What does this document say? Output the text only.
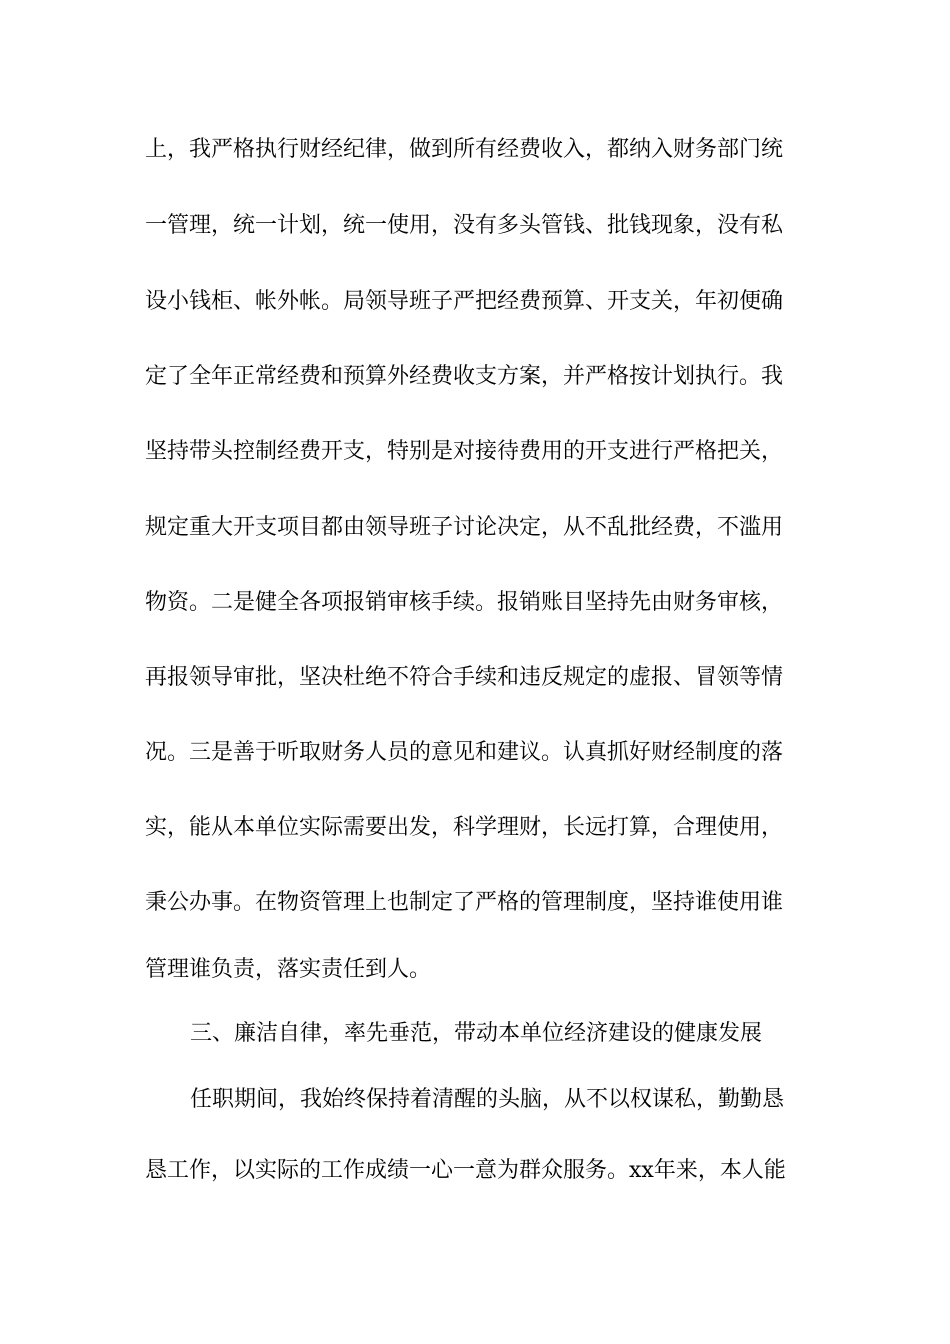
上，我严格执行财经纪律，做到所有经费收入，都纳入财务部门统
一管理，统一计划，统一使用，没有多头管钱、批钱现象，没有私
设小钱柜、帐外帐。局领导班子严把经费预算、开支关，年初便确
定了全年正常经费和预算外经费收支方案，并严格按计划执行。我
坚持带头控制经费开支，特别是对接待费用的开支进行严格把关，
规定重大开支项目都由领导班子讨论决定，从不乱批经费，不滥用
物资。二是健全各项报销审核手续。报销账目坚持先由财务审核，
再报领导审批，坚决杜绝不符合手续和违反规定的虚报、冒领等情
况。三是善于听取财务人员的意见和建议。认真抓好财经制度的落
实，能从本单位实际需要出发，科学理财，长远打算，合理使用，
秉公办事。在物资管理上也制定了严格的管理制度，坚持谁使用谁
管理谁负责，落实责任到人。
三、廉洁自律，率先垂范，带动本单位经济建设的健康发展
任职期间，我始终保持着清醒的头脑，从不以权谋私，勤勤恳
恳工作，以实际的工作成绩一心一意为群众服务。xx年来，本人能
